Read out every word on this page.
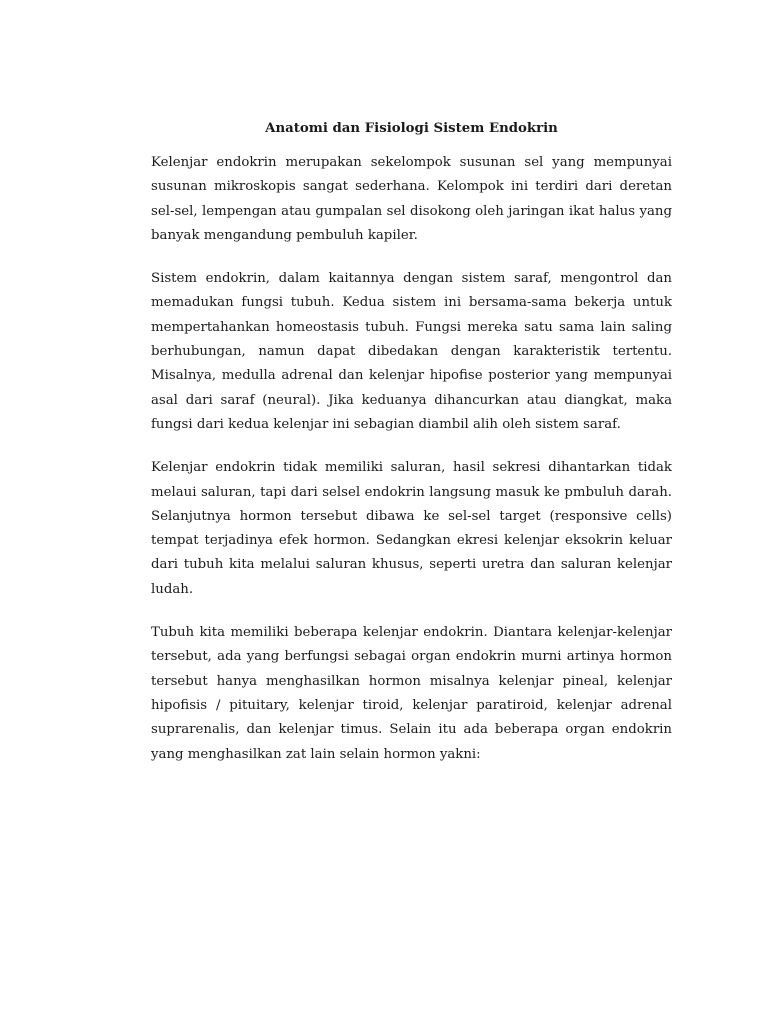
Anatomi dan Fisiologi Sistem Endokrin

Kelenjar endokrin merupakan sekelompok susunan sel yang mempunyai susunan mikroskopis sangat sederhana. Kelompok ini terdiri dari deretan sel-sel, lempengan atau gumpalan sel disokong oleh jaringan ikat halus yang banyak mengandung pembuluh kapiler.

Sistem endokrin, dalam kaitannya dengan sistem saraf, mengontrol dan memadukan fungsi tubuh. Kedua sistem ini bersama-sama bekerja untuk mempertahankan homeostasis tubuh. Fungsi mereka satu sama lain saling berhubungan, namun dapat dibedakan dengan karakteristik tertentu. Misalnya, medulla adrenal dan kelenjar hipofise posterior yang mempunyai asal dari saraf (neural). Jika keduanya dihancurkan atau diangkat, maka fungsi dari kedua kelenjar ini sebagian diambil alih oleh sistem saraf.

Kelenjar endokrin tidak memiliki saluran, hasil sekresi dihantarkan tidak melaui saluran, tapi dari selsel endokrin langsung masuk ke pmbuluh darah. Selanjutnya hormon tersebut dibawa ke sel-sel target (responsive cells) tempat terjadinya efek hormon. Sedangkan ekresi kelenjar eksokrin keluar dari tubuh kita melalui saluran khusus, seperti uretra dan saluran kelenjar ludah.

Tubuh kita memiliki beberapa kelenjar endokrin. Diantara kelenjar-kelenjar tersebut, ada yang berfungsi sebagai organ endokrin murni artinya hormon tersebut hanya menghasilkan hormon misalnya kelenjar pineal, kelenjar hipofisis / pituitary, kelenjar tiroid, kelenjar paratiroid, kelenjar adrenal suprarenalis, dan kelenjar timus. Selain itu ada beberapa organ endokrin yang menghasilkan zat lain selain hormon yakni:
